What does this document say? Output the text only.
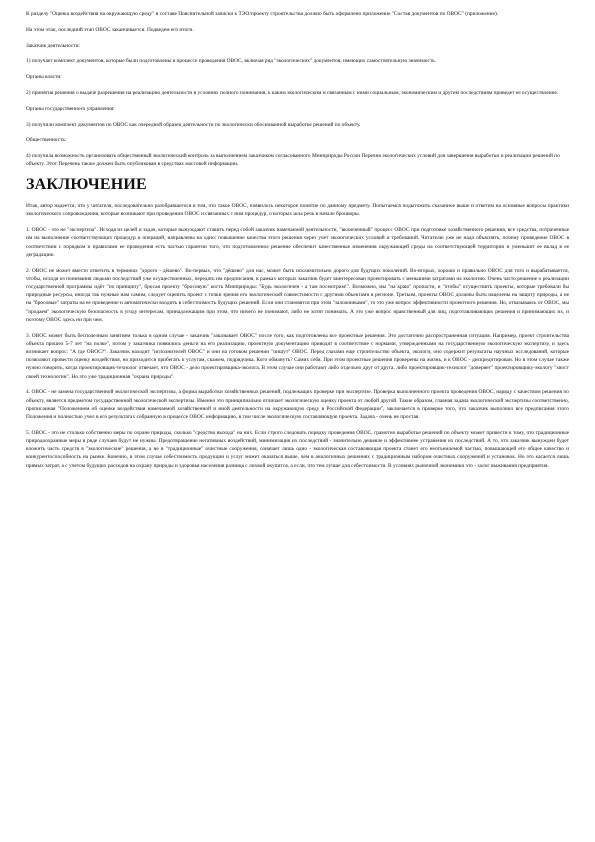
К разделу "Оценка воздействия на окружающую среду" в составе Пояснительной записки к ТЭО/проекту строительства должно быть оформлено приложение "Состав документов по ОВОС" (приложение).

На этом этап, последний этап ОВОС заканчивается. Подведем его итоги.

Заказчик деятельности:

1) получает комплект документов, которые были подготовлены в процессе проведения ОВОС, включая ряд "экологических" документов, имеющих самостоятельную значимость.

Органы власти:

2) принятия решения о выдаче разрешения на реализацию деятельности в условиях полного понимания, к каким экологическим и связанным с ними социальным, экономическим и другим последствиям приведет ее осуществление.

Органы государственного управления:

3) получили комплект документов по ОВОС как очередной образец деятельности по экологически обоснованной выработке решений по объекту.

Общественность:

4) получила возможность организовать общественный экологический контроль за выполнением заказчиком согласованного Минприроды России Перечня экологических условий для завершения выработки и реализации решений по объекту. Этот Перечень также должен быть опубликован в средствах массовой информации.

ЗАКЛЮЧЕНИЕ

Итак, автор надеется, что у читателя, последовательно разобравшегося в том, что такое ОВОС, появилось некоторое понятие по данному предмету. Попытаемся подытожить сказанное выше и ответим на основные вопросы практики экологического сопровождения, которые возникают при проведении ОВОС и связанных с ним процедур, о которых шла речь в начале брошюры.

1. ОВОС - это не "экспертиза". Исходя из целей и задач, которые вынуждают ставить перед собой заказчик намечаемой деятельности, "включенный" процесс ОВОС при подготовке хозяйственного решения, все средства, потраченные им на выполнение соответствующих процедур и операций, направлены на одно: повышение качества этого решения через учет экологических условий и требований. Читателю уже не надо объяснять, почему проведение ОВОС в соответствии с порядком и правилами ее проведения есть частью гарантии того, что подготовленное решение обеспечит качественные изменения окружающей среды на соответствующей территории и уменьшит ее вклад в ее деградацию.

2. ОВОС не может вместо ответить в терминах "дорого - дёшево". Во-первых, что "дёшево" для нас, может быть исключительно дорого для будущих поколений. Во-вторых, хорошо и правильно ОВОС для того и вырабатывается, чтобы, исходя из понимания людьми последствий уже осуществленных, передать им предписания, в рамках которых заказчик будет заинтересован проектировать с меньшими затратами на экологию. Очень часто решение о реализации государственной программы идёт "по принципу", бросая проекту "бросовую" кость Минприроды: "Будь экологичен - а там посмотрим!". Возможно, мы "на краю" пропасти, и "чтобы" осуществить проекты, которые требовали бы природные ресурсы, иногда так нужные нам самим, следует оценить проект с точки зрения его экологической совместимости с другими объектами в регионе. Третьим, проекты ОВОС должны быть нацелены на защиту природы, а не на "бросовые" затраты на ее проведение и автоматически входить в себестоимость будущих решений. Если они становятся при этом "заложниками", то это уже вопрос эффективности проектного решения. Но, отказываясь от ОВОС, мы "продаем" экологическую безопасность в угоду интересам, принадлежащим при этом, что ничего не понимают, либо не хотят понимать. А это уже вопрос нравственный для лиц, подготавливающих решения и принимающих их, и поэтому ОВОС здесь ни при чем.

3. ОВОС может быть бесполезным занятием только в одном случае - заказчик "заказывает ОВОС" после того, как подготовлены все проектные решения. Это достаточно распространенная ситуация. Например, проект строительства объекта прошел 5-7 лет "на полке", потом у заказчика появились деньги на его реализацию, проектную документацию приводят в соответствие с нормами, утвержденными на государственную экологическую экспертизу, и здесь возникает вопрос: "А где ОВОС?". Заказчик находит "исполнителей ОВОС" и они на готовом решении "пишут" ОВОС. Перед глазами еще строительство объекта, экологи, оно содержит результаты научных исследований, которые позволяют провести оценку воздействия, но приходится прибегать к услугам, скажем, подрядчика. Кого обмануть? Самих себя. При этом проектные решения проверены на жизнь, и к ОВОС - дискредитирован. Но в этом случае также нужно говорить, когда проектировщик-технолог отвечает, что ОВОС - дело проектировщика-эколога. В этом случае они работают либо отдельно друг от друга, либо проектировщик-технолог "доверяет" проектировщику-экологу "хвост своей технологии". Но это уже традиционная "охрана природы".

4. ОВОС - не замена государственной экологической экспертизы, а форма выработки хозяйственных решений, подлежащих проверке при экспертизе. Проверка выполненного проекта проведения ОВОС, наряду с качеством решения по объекту, является предметом государственной экологической экспертизы. Именно это принципиально отличает экологическую оценку проекта от любой другой. Такие образом, главная задача экологической экспертизы соответственно, прописанная "Положением об оценке воздействия намечаемой хозяйственной и иной деятельности на окружающую среду в Российской Федерации", заключается в проверке того, что заказчик выполнил все предписания этого Положения и полностью учел в его результатах собранную в процессе ОВОС информацию, в том числе экологическую составляющую проекта. Задача - очень не простая.

5. ОВОС - это не столько собственно меры по охране природы, сколько "средство выхода" на них. Если строго следовать порядку проведения ОВОС, грамотно выработке решений по объекту может привести к тому, что традиционные природоохранные меры в ряде случаев будут не нужны. Предотвращение негативных воздействий, минимизация их последствий - значительно дешевле и эффективнее устранения их последствий. А то, что заказчик вынужден будет вложить часть средств в "экологические" решения, а не в "традиционные" очистные сооружения, означает лишь одно - экологическая составляющая проекта станет его неотъемлемой частью, повышающей его общее качество и конкурентоспособность на рынке. Конечно, в этом случае себестоимость продукции и услуг может оказаться выше, чем в аналогичных решениях с традиционным набором очистных сооружений и установок. Но это касается лишь прямых затрат, а с учетом будущих расходов на охрану природы и здоровья населения разница с лихвой окупится, а если, что тем лучше для себестоимости. В условиях рыночной экономики это - залог выживания предприятия.
